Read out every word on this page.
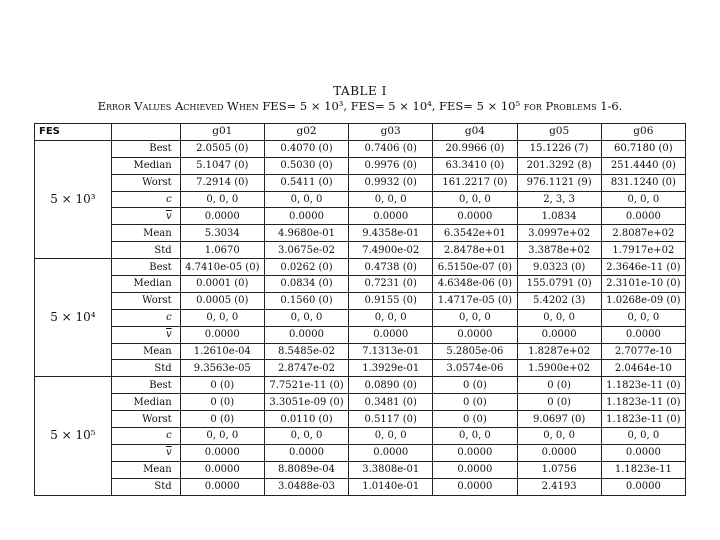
TABLE I
Error Values Achieved When FES= 5 × 10³, FES= 5 × 10⁴, FES= 5 × 10⁵ for Problems 1-6.
FES		g01	g02	g03	g04	g05	g06
5 × 10³	Best	2.0505 (0)	0.4070 (0)	0.7406 (0)	20.9966 (0)	15.1226 (7)	60.7180 (0)
	Median	5.1047 (0)	0.5030 (0)	0.9976 (0)	63.3410 (0)	201.3292 (8)	251.4440 (0)
	Worst	7.2914 (0)	0.5411 (0)	0.9932 (0)	161.2217 (0)	976.1121 (9)	831.1240 (0)
	c	0, 0, 0	0, 0, 0	0, 0, 0	0, 0, 0	2, 3, 3	0, 0, 0
	$\overline{v}$	0.0000	0.0000	0.0000	0.0000	1.0834	0.0000
	Mean	5.3034	4.9680e-01	9.4358e-01	6.3542e+01	3.0997e+02	2.8087e+02
	Std	1.0670	3.0675e-02	7.4900e-02	2.8478e+01	3.3878e+02	1.7917e+02
5 × 10⁴	Best	4.7410e-05 (0)	0.0262 (0)	0.4738 (0)	6.5150e-07 (0)	9.0323 (0)	2.3646e-11 (0)
	Median	0.0001 (0)	0.0834 (0)	0.7231 (0)	4.6348e-06 (0)	155.0791 (0)	2.3101e-10 (0)
	Worst	0.0005 (0)	0.1560 (0)	0.9155 (0)	1.4717e-05 (0)	5.4202 (3)	1.0268e-09 (0)
	c	0, 0, 0	0, 0, 0	0, 0, 0	0, 0, 0	0, 0, 0	0, 0, 0
	$\overline{v}$	0.0000	0.0000	0.0000	0.0000	0.0000	0.0000
	Mean	1.2610e-04	8.5485e-02	7.1313e-01	5.2805e-06	1.8287e+02	2.7077e-10
	Std	9.3563e-05	2.8747e-02	1.3929e-01	3.0574e-06	1.5900e+02	2.0464e-10
5 × 10⁵	Best	0 (0)	7.7521e-11 (0)	0.0890 (0)	0 (0)	0 (0)	1.1823e-11 (0)
	Median	0 (0)	3.3051e-09 (0)	0.3481 (0)	0 (0)	0 (0)	1.1823e-11 (0)
	Worst	0 (0)	0.0110 (0)	0.5117 (0)	0 (0)	9.0697 (0)	1.1823e-11 (0)
	c	0, 0, 0	0, 0, 0	0, 0, 0	0, 0, 0	0, 0, 0	0, 0, 0
	$\overline{v}$	0.0000	0.0000	0.0000	0.0000	0.0000	0.0000
	Mean	0.0000	8.8089e-04	3.3808e-01	0.0000	1.0756	1.1823e-11
	Std	0.0000	3.0488e-03	1.0140e-01	0.0000	2.4193	0.0000
